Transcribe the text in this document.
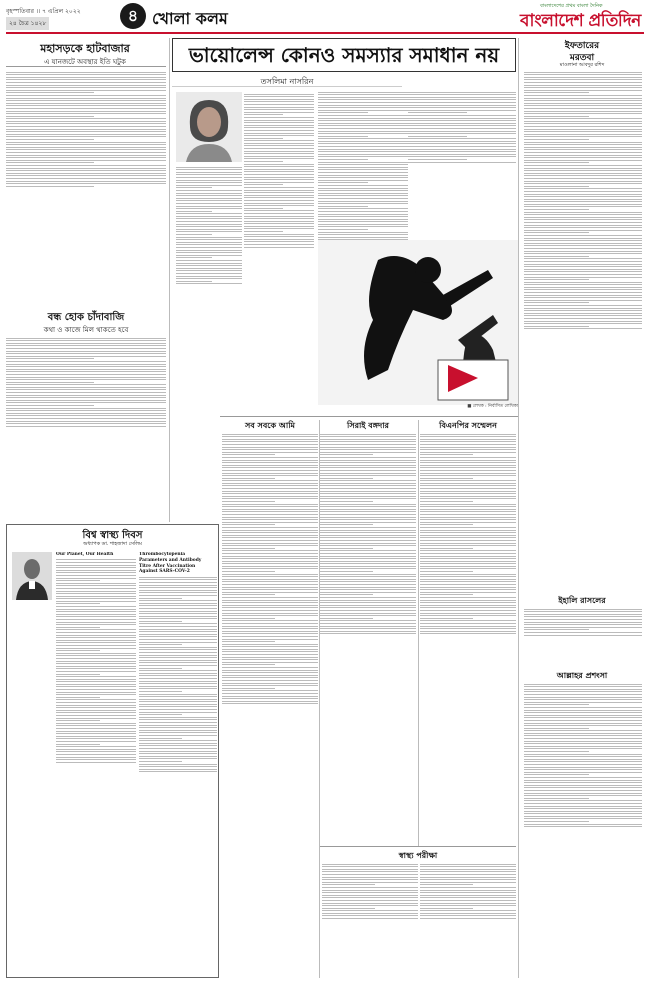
বৃহস্পতিবার ।। ৭ এপ্রিল ২০২২
২৪ চৈত্র ১৪২৮	৪ খোলা কলম
বাংলাদেশের প্রথম বাংলা দৈনিক
বাংলাদেশ প্রতিদিন
মহাসড়কে হাটবাজার
এ যানজটে অবস্থার ইতি ঘটুক
বন্ধ হোক চাঁদাবাজি
কথা ও কাজে মিল থাকতে হবে
বিশ্ব স্বাস্থ্য দিবস
অধ্যাপক ডা. শাহজাদা সেলিম
Our Planet, Our Health	Thrombocytopenia
Parameters and Antibody
Titre After Vaccination
Against SARS-COV-2
ভায়োলেন্স কোনও সমস্যার সমাধান নয়
তসলিমা নাসরিন
■ লেখক : নির্বাসিত লেখিকা
ইফতারের
মরতবা
মাওলানা আবদুর রশিদ
ইহালি রাসলের
আল্লাহর প্রশংসা
সব সবকে আমি	সিরাই বঙ্গদার	বিএনপির সম্মেলন
স্বাস্থ্য পরীক্ষা
